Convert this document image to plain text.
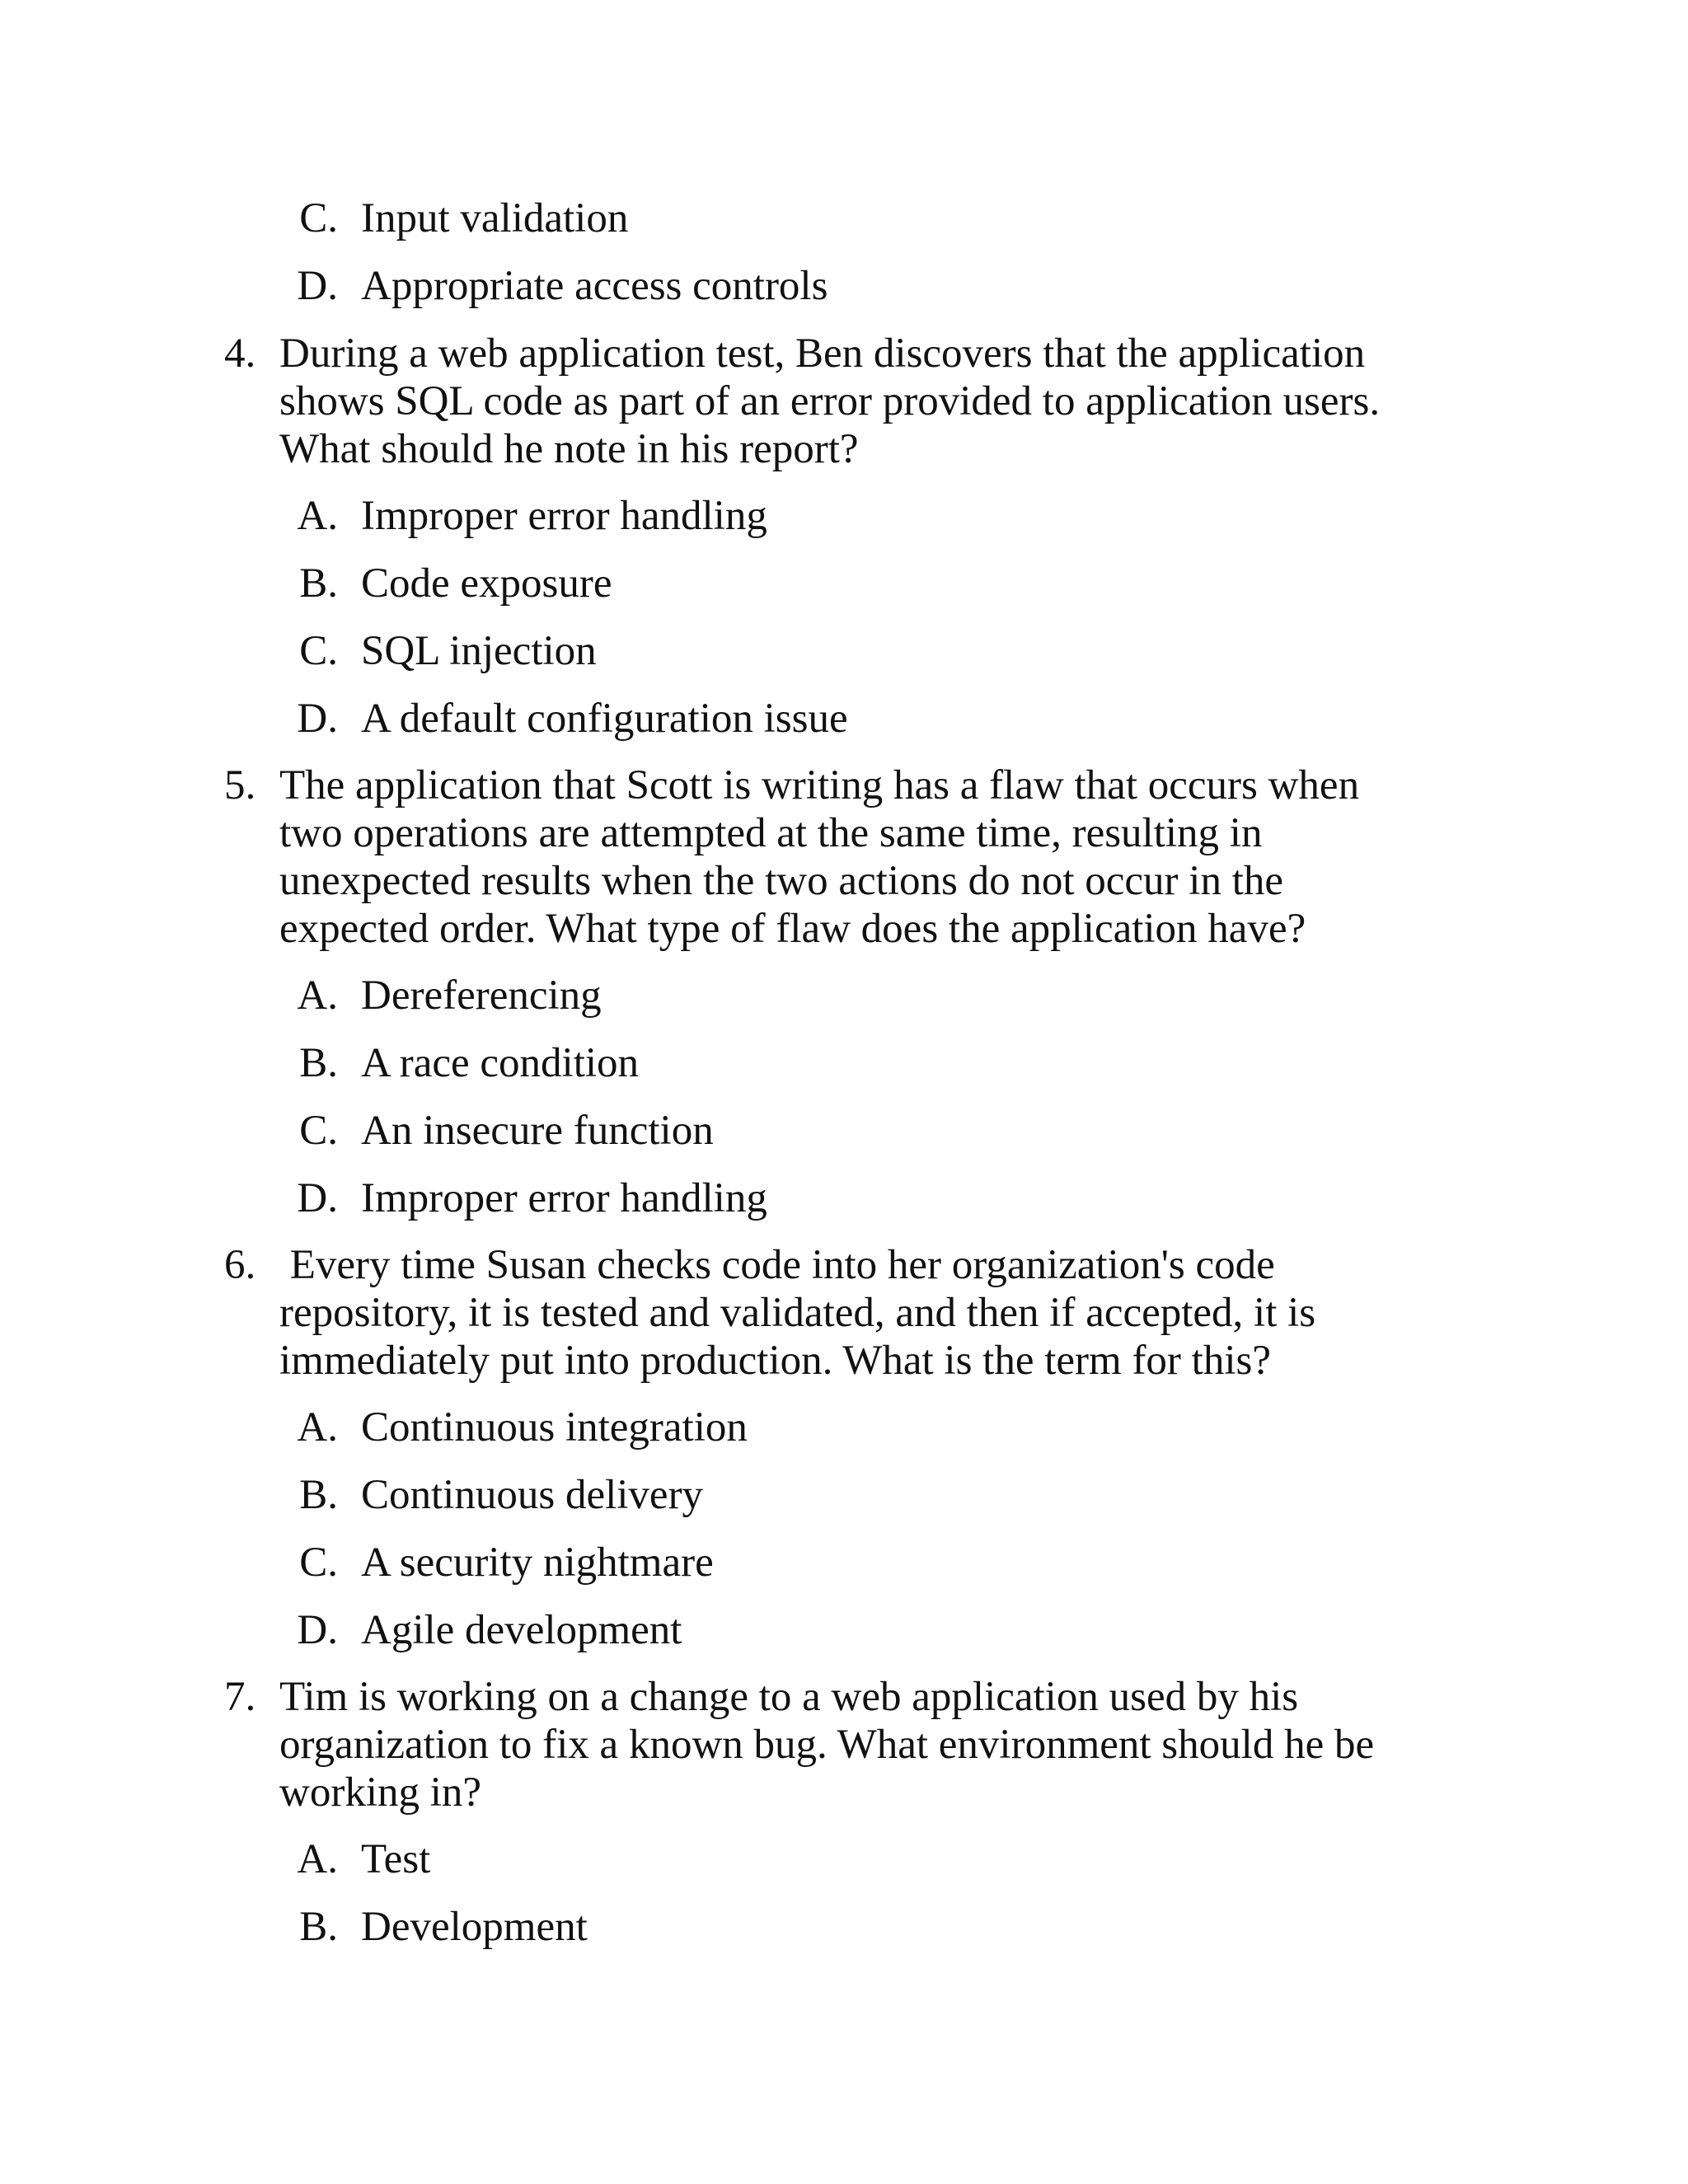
C. Input validation
D. Appropriate access controls
4. During a web application test, Ben discovers that the application
shows SQL code as part of an error provided to application users.
What should he note in his report?
A. Improper error handling
B. Code exposure
C. SQL injection
D. A default configuration issue
5. The application that Scott is writing has a flaw that occurs when
two operations are attempted at the same time, resulting in
unexpected results when the two actions do not occur in the
expected order. What type of flaw does the application have?
A. Dereferencing
B. A race condition
C. An insecure function
D. Improper error handling
6. Every time Susan checks code into her organization's code
repository, it is tested and validated, and then if accepted, it is
immediately put into production. What is the term for this?
A. Continuous integration
B. Continuous delivery
C. A security nightmare
D. Agile development
7. Tim is working on a change to a web application used by his
organization to fix a known bug. What environment should he be
working in?
A. Test
B. Development
